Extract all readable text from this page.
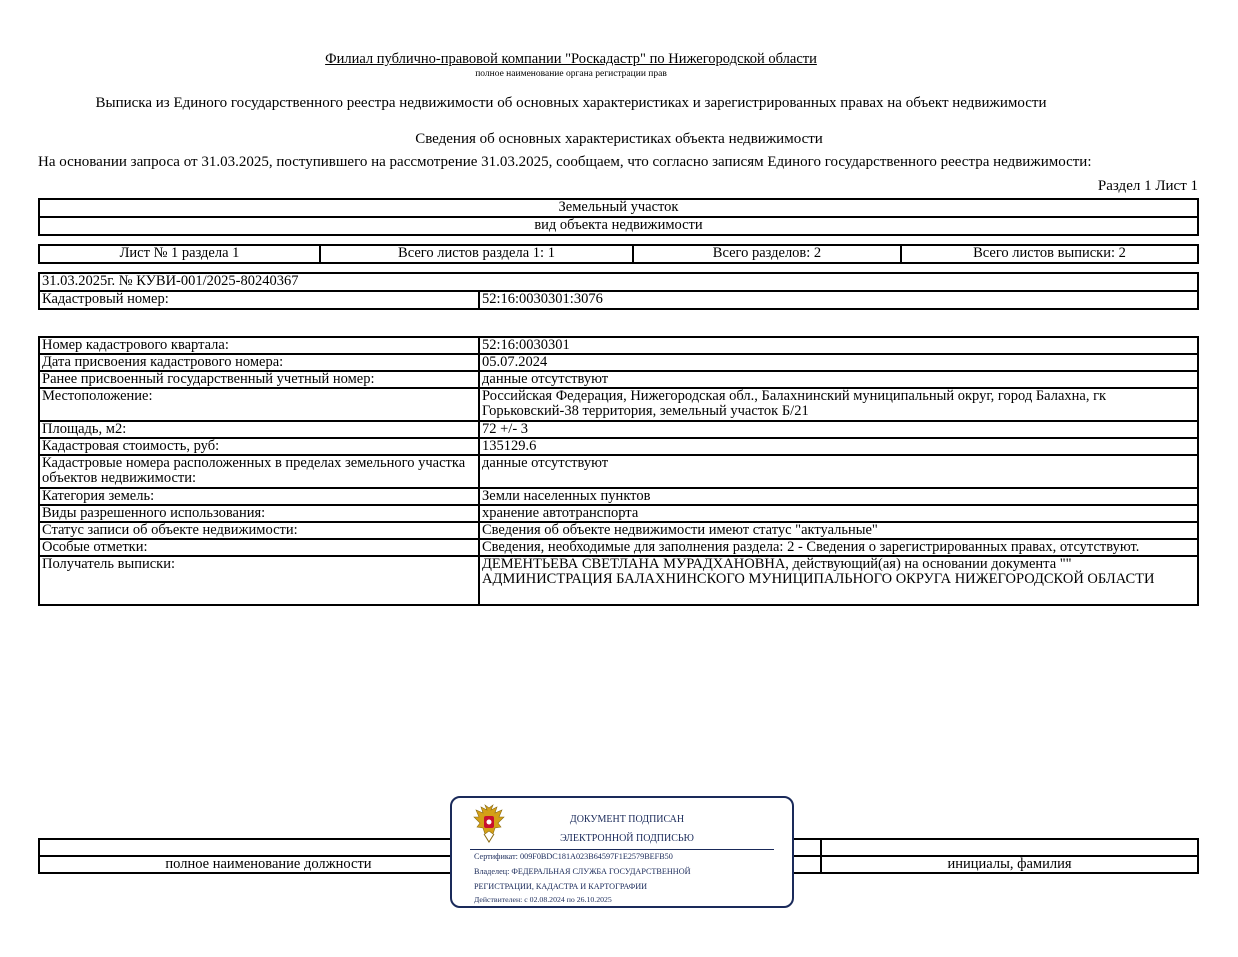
Филиал публично-правовой компании "Роскадастр" по Нижегородской области
полное наименование органа регистрации прав
Выписка из Единого государственного реестра недвижимости об основных характеристиках и зарегистрированных правах на объект недвижимости
Сведения об основных характеристиках объекта недвижимости
На основании запроса от 31.03.2025, поступившего на рассмотрение 31.03.2025, сообщаем, что согласно записям Единого государственного реестра недвижимости:
Раздел 1 Лист 1
Земельный участок
вид объекта недвижимости
Лист № 1 раздела 1	Всего листов раздела 1: 1	Всего разделов: 2	Всего листов выписки: 2
31.03.2025г. № КУВИ-001/2025-80240367
Кадастровый номер:	52:16:0030301:3076
Номер кадастрового квартала:	52:16:0030301
Дата присвоения кадастрового номера:	05.07.2024
Ранее присвоенный государственный учетный номер:	данные отсутствуют
Местоположение:	Российская Федерация, Нижегородская обл., Балахнинский муниципальный округ, город Балахна, гк Горьковский-38 территория, земельный участок Б/21
Площадь, м2:	72 +/- 3
Кадастровая стоимость, руб:	135129.6
Кадастровые номера расположенных в пределах земельного участка объектов недвижимости:	данные отсутствуют
Категория земель:	Земли населенных пунктов
Виды разрешенного использования:	хранение автотранспорта
Статус записи об объекте недвижимости:	Сведения об объекте недвижимости имеют статус "актуальные"
Особые отметки:	Сведения, необходимые для заполнения раздела: 2 - Сведения о зарегистрированных правах, отсутствуют.
Получатель выписки:	ДЕМЕНТЬЕВА СВЕТЛАНА МУРАДХАНОВНА, действующий(ая) на основании документа "" АДМИНИСТРАЦИЯ БАЛАХНИНСКОГО МУНИЦИПАЛЬНОГО ОКРУГА НИЖЕГОРОДСКОЙ ОБЛАСТИ

полное наименование должности		инициалы, фамилия
ДОКУМЕНТ ПОДПИСАН
ЭЛЕКТРОННОЙ ПОДПИСЬЮ
Сертификат: 009F0BDC181A023B64597F1E2579BEFB50
Владелец: ФЕДЕРАЛЬНАЯ СЛУЖБА ГОСУДАРСТВЕННОЙ
РЕГИСТРАЦИИ, КАДАСТРА И КАРТОГРАФИИ
Действителен: с 02.08.2024 по 26.10.2025
